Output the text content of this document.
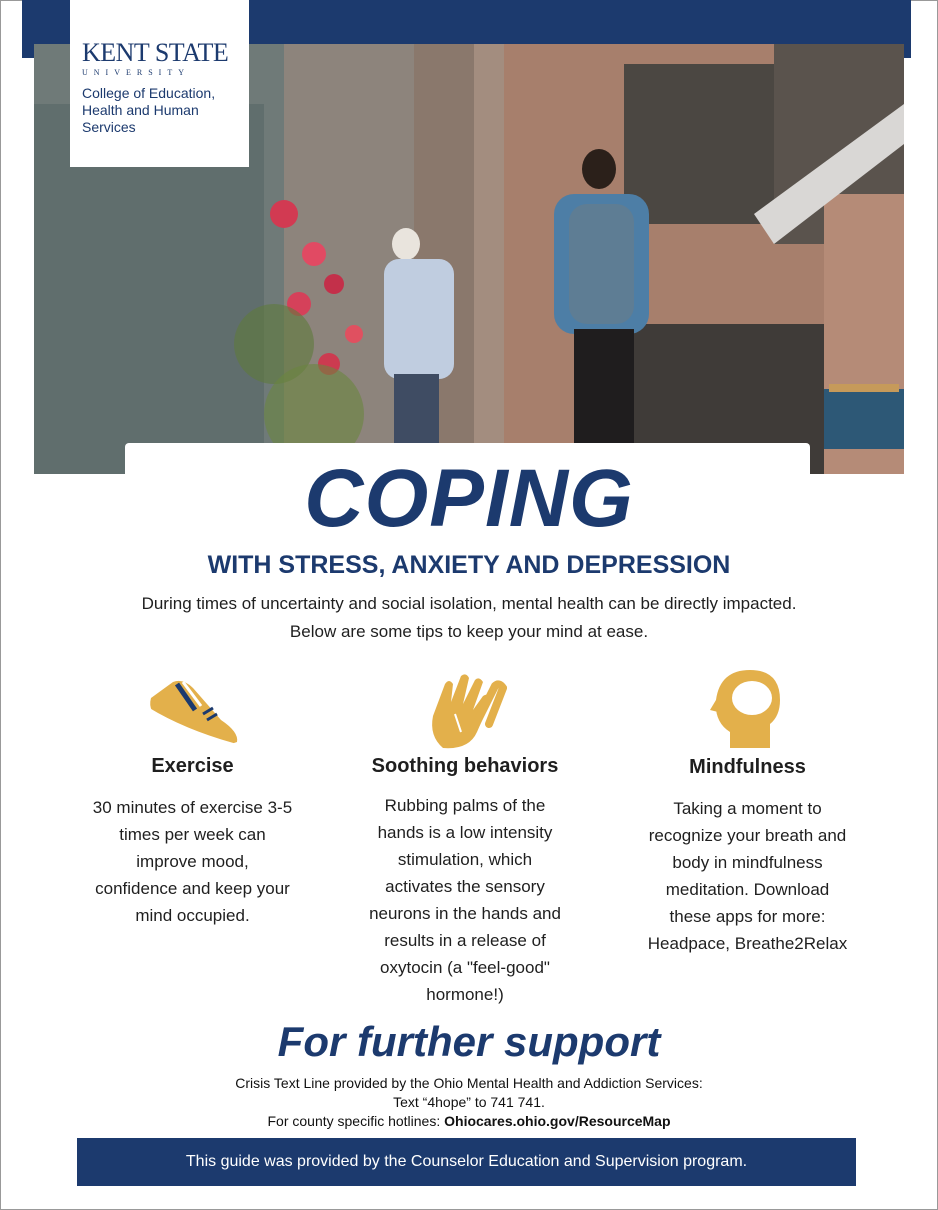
KENT STATE
UNIVERSITY
College of Education,
Health and Human
Services
COPING
WITH STRESS, ANXIETY AND DEPRESSION
During times of uncertainty and social isolation, mental health can be directly impacted.
Below are some tips to keep your mind at ease.
Exercise
30 minutes of exercise 3-5
times per week can
improve mood,
confidence and keep your
mind occupied.
Soothing behaviors
Rubbing palms of the
hands is a low intensity
stimulation, which
activates the sensory
neurons in the hands and
results in a release of
oxytocin (a "feel-good"
hormone!)
Mindfulness
Taking a moment to
recognize your breath and
body in mindfulness
meditation. Download
these apps for more:
Headpace, Breathe2Relax
For further support
Crisis Text Line provided by the Ohio Mental Health and Addiction Services:
Text “4hope” to 741 741.
For county specific hotlines: Ohiocares.ohio.gov/ResourceMap
This guide was provided by the Counselor Education and Supervision program.
